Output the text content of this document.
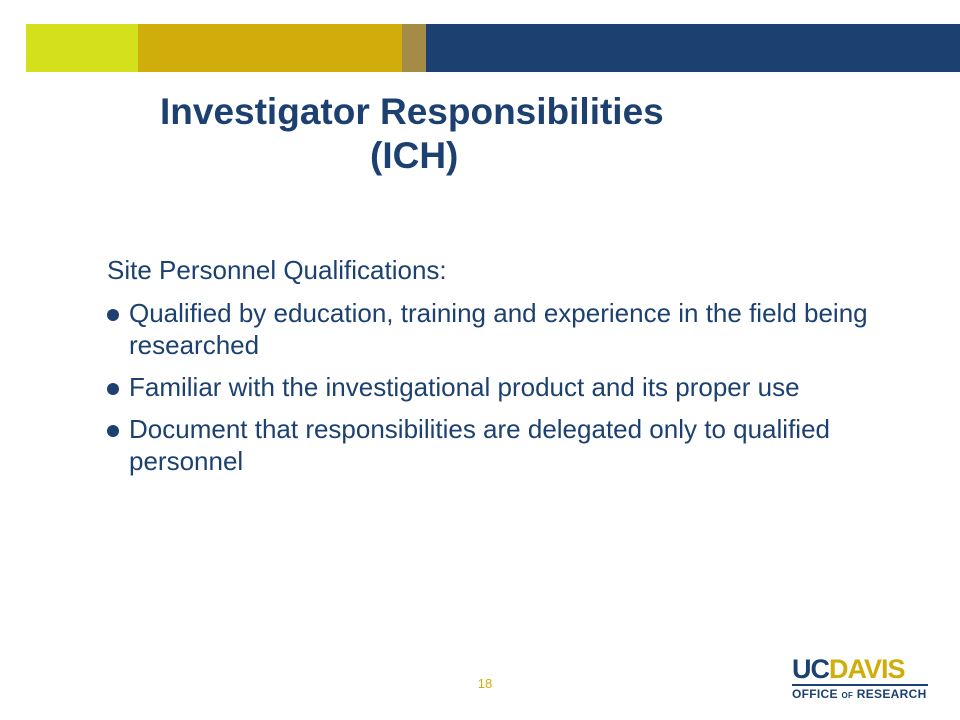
Investigator Responsibilities
(ICH)

Site Personnel Qualifications:

Qualified by education, training and experience in the field being researched
Familiar with the investigational product and its proper use
Document that responsibilities are delegated only to qualified personnel
18	UCDAVIS
OFFICE OF RESEARCH
